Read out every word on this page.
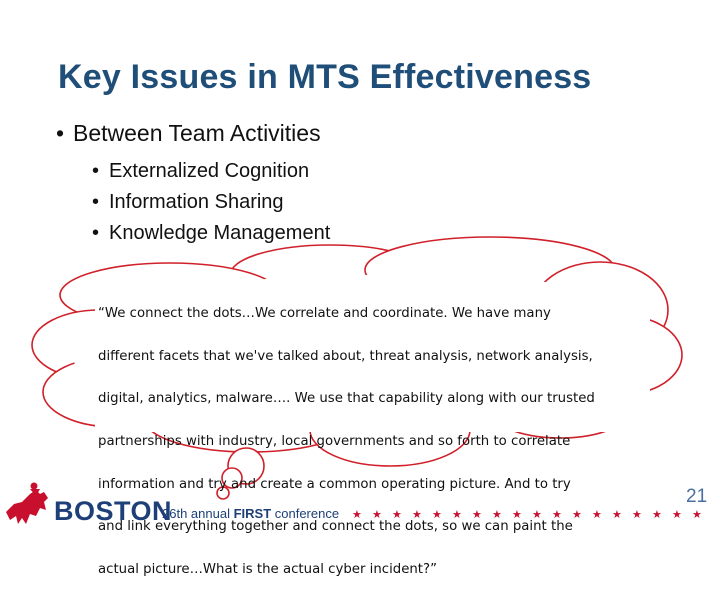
Key Issues in MTS Effectiveness
• Between Team Activities
• Externalized Cognition
• Information Sharing
• Knowledge Management

“We connect the dots…We correlate and coordinate. We have many

different facets that we've talked about, threat analysis, network analysis,

digital, analytics, malware…. We use that capability along with our trusted

partnerships with industry, local governments and so forth to correlate

information and try and create a common operating picture. And to try

and link everything together and connect the dots, so we can paint the

actual picture…What is the actual cyber incident?”

★ ★ ★ ★ ★ ★ ★ ★ ★ ★ ★ ★ ★ ★ ★ ★ ★ ★
BOSTON
26th annual FIRST conference
21
